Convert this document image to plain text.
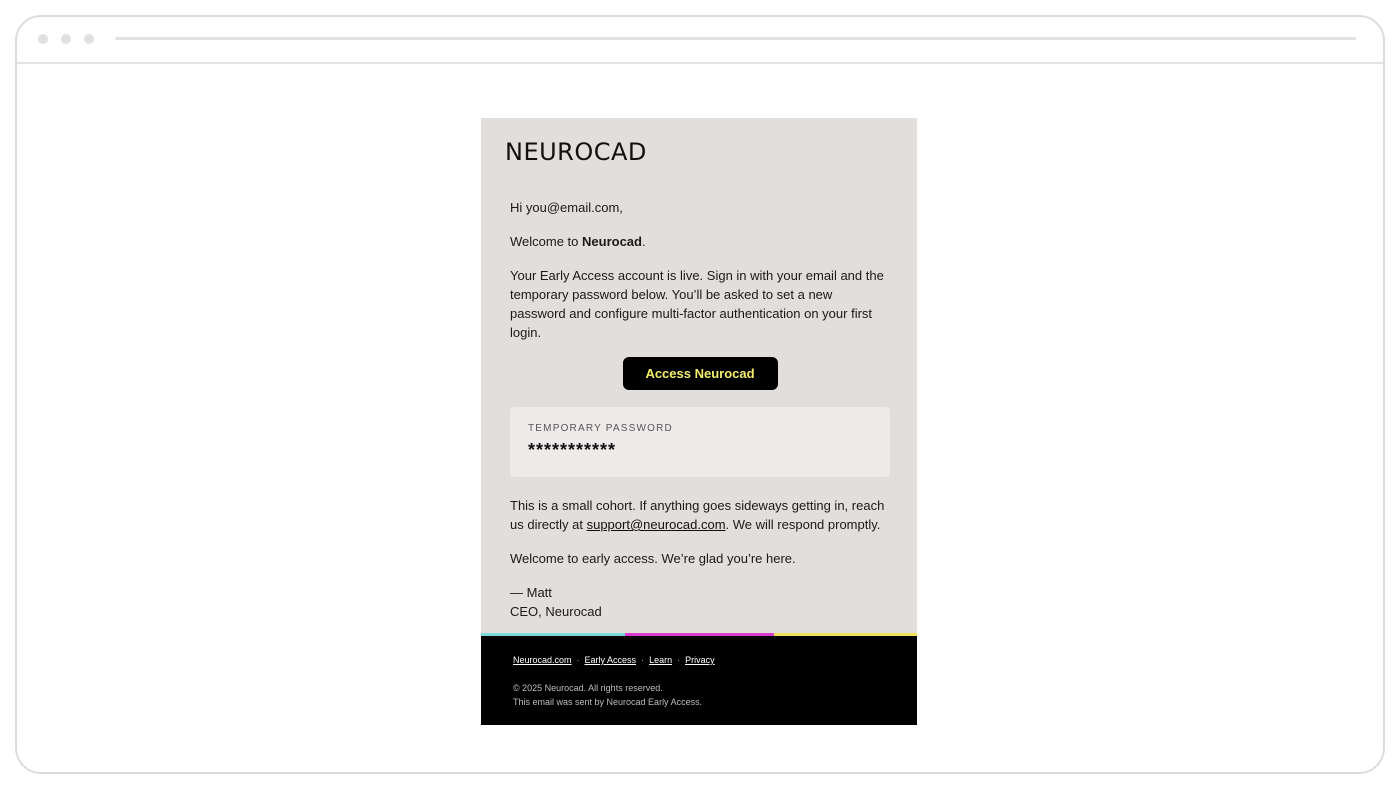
NEUROCAD

Hi you@email.com,

Welcome to Neurocad.

Your Early Access account is live. Sign in with your email and the temporary password below. You’ll be asked to set a new password and configure multi-factor authentication on your first login.

Access Neurocad
TEMPORARY PASSWORD
***********

This is a small cohort. If anything goes sideways getting in, reach us directly at support@neurocad.com. We will respond promptly.

Welcome to early access. We’re glad you’re here.

— Matt
CEO, Neurocad
Neurocad.com · Early Access · Learn · Privacy
© 2025 Neurocad. All rights reserved.
This email was sent by Neurocad Early Access.
